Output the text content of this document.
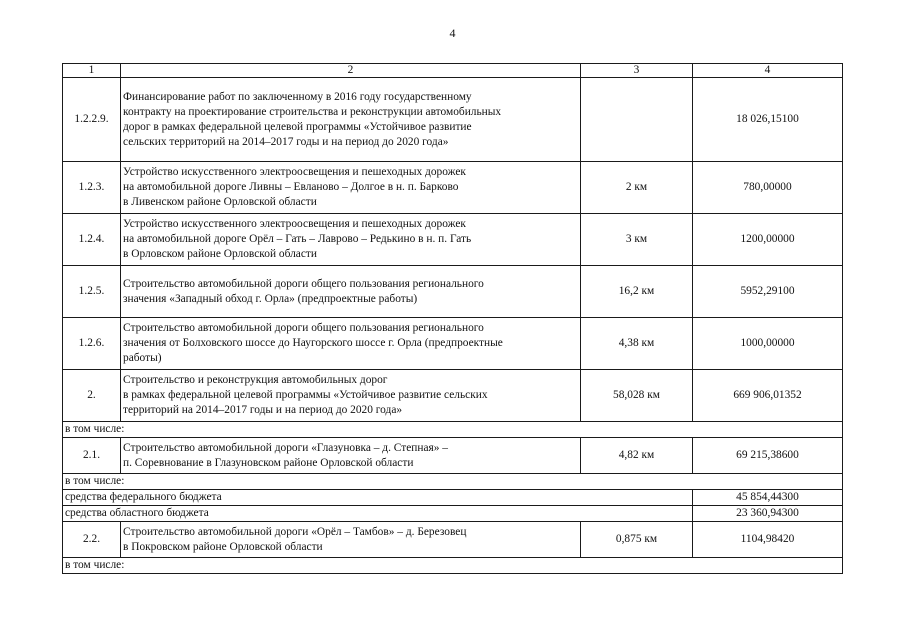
4
1	2	3	4
1.2.2.9.	Финансирование работ по заключенному в 2016 году государственному
контракту на проектирование строительства и реконструкции автомобильных
дорог в рамках федеральной целевой программы «Устойчивое развитие
сельских территорий на 2014–2017 годы и на период до 2020 года»		18 026,15100
1.2.3.	Устройство искусственного электроосвещения и пешеходных дорожек
на автомобильной дороге Ливны – Евланово – Долгое в н. п. Барково
в Ливенском районе Орловской области	2 км	780,00000
1.2.4.	Устройство искусственного электроосвещения и пешеходных дорожек
на автомобильной дороге Орёл – Гать – Лаврово – Редькино в н. п. Гать
в Орловском районе Орловской области	3 км	1200,00000
1.2.5.	Строительство автомобильной дороги общего пользования регионального
значения «Западный обход г. Орла» (предпроектные работы)	16,2 км	5952,29100
1.2.6.	Строительство автомобильной дороги общего пользования регионального
значения от Болховского шоссе до Наугорского шоссе г. Орла (предпроектные
работы)	4,38 км	1000,00000
2.	Строительство и реконструкция автомобильных дорог
в рамках федеральной целевой программы «Устойчивое развитие сельских
территорий на 2014–2017 годы и на период до 2020 года»	58,028 км	669 906,01352
в том числе:			
2.1.	Строительство автомобильной дороги «Глазуновка – д. Степная» –
п. Соревнование в Глазуновском районе Орловской области	4,82 км	69 215,38600
в том числе:			
средства федерального бюджета			45 854,44300
средства областного бюджета			23 360,94300
2.2.	Строительство автомобильной дороги «Орёл – Тамбов» – д. Березовец
в Покровском районе Орловской области	0,875 км	1104,98420
в том числе:			
